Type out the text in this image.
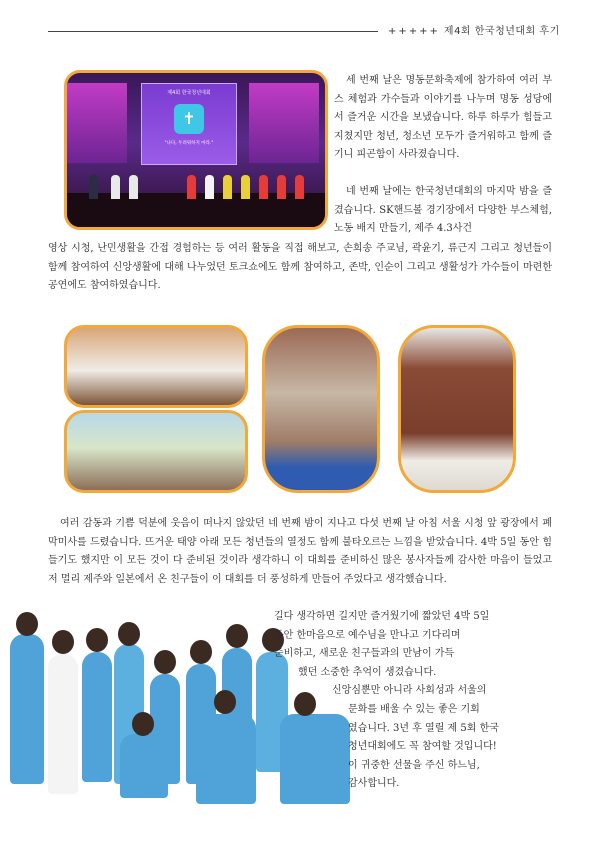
+++++ 제4회 한국청년대회 후기
제4회 한국청년대회
✝
"나다, 두려워하지 마라."
세 번째 날은 명동문화축제에 참가하여 여러 부스 체험과 가수들과 이야기를 나누며 명동 성당에서 즐거운 시간을 보냈습니다. 하루 하루가 힘들고 지쳤지만 청년, 청소년 모두가 즐거워하고 함께 즐기니 피곤함이 사라졌습니다.
네 번째 날에는 한국청년대회의 마지막 밤을 즐겼습니다. SK핸드볼 경기장에서 다양한 부스체험, 노동 배지 만들기, 제주 4.3사건
영상 시청, 난민생활을 간접 경험하는 등 여러 활동을 직접 해보고, 손희송 주교님, 곽윤기, 류근지 그리고 청년들이 함께 참여하여 신앙생활에 대해 나누었던 토크쇼에도 함께 참여하고, 존박, 인순이 그리고 생활성가 가수들이 마련한 공연에도 참여하였습니다.
여러 감동과 기쁨 덕분에 웃음이 떠나지 않았던 네 번째 밤이 지나고 다섯 번째 날 아침 서울 시청 앞 광장에서 폐막미사를 드렸습니다. 뜨거운 태양 아래 모든 청년들의 열정도 함께 불타오르는 느낌을 받았습니다. 4박 5일 동안 힘들기도 했지만 이 모든 것이 다 준비된 것이라 생각하니 이 대회를 준비하신 많은 봉사자들께 감사한 마음이 들었고 저 멀리 제주와 일본에서 온 친구들이 이 대회를 더 풍성하게 만들어 주었다고 생각했습니다.
길다 생각하면 길지만 즐거웠기에 짧았던 4박 5일
동안 한마음으로 예수님을 만나고 기다리며
준비하고, 새로운 친구들과의 만남이 가득
했던 소중한 추억이 생겼습니다.
신앙심뿐만 아니라 사회성과 서울의
문화를 배울 수 있는 좋은 기회
였습니다. 3년 후 열릴 제 5회 한국
청년대회에도 꼭 참여할 것입니다!
이 귀중한 선물을 주신 하느님,
감사합니다.
